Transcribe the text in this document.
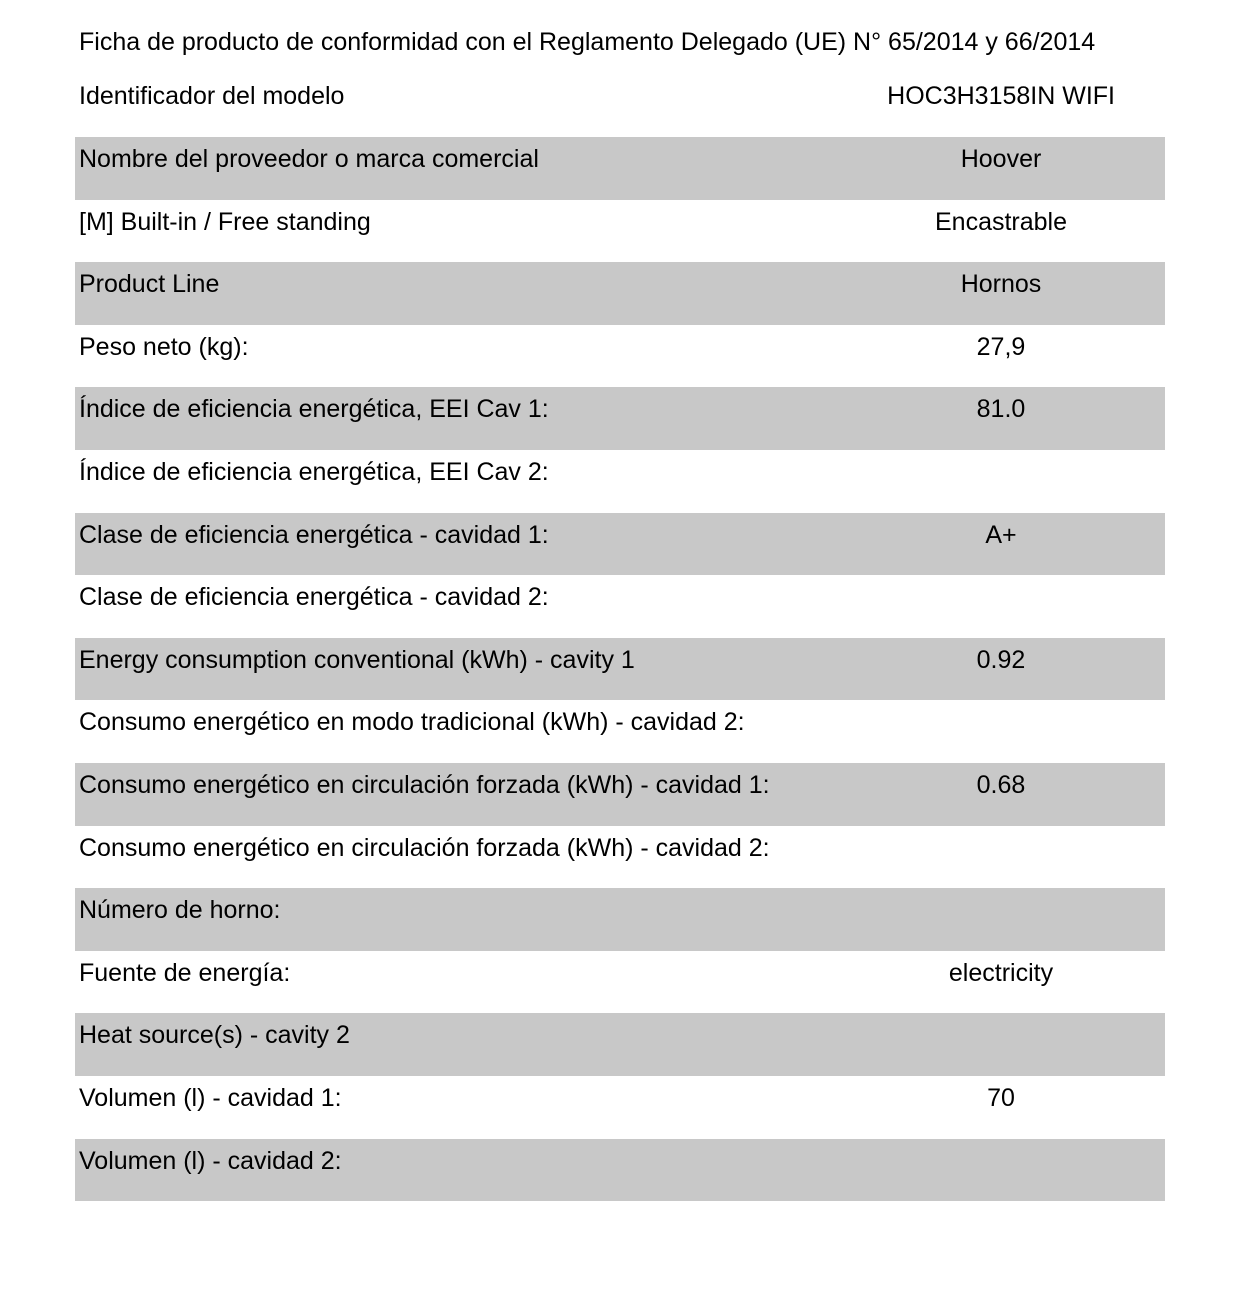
Ficha de producto de conformidad con el Reglamento Delegado (UE) N° 65/2014 y 66/2014
Identificador del modelo	HOC3H3158IN WIFI
Nombre del proveedor o marca comercial	Hoover
[M] Built-in / Free standing	Encastrable
Product Line	Hornos
Peso neto (kg):	27,9
Índice de eficiencia energética, EEI Cav 1:	81.0
Índice de eficiencia energética, EEI Cav 2:
Clase de eficiencia energética - cavidad 1:	A+
Clase de eficiencia energética - cavidad 2:
Energy consumption conventional (kWh) - cavity 1	0.92
Consumo energético en modo tradicional (kWh) - cavidad 2:
Consumo energético en circulación forzada (kWh) - cavidad 1:	0.68
Consumo energético en circulación forzada (kWh) - cavidad 2:
Número de horno:
Fuente de energía:	electricity
Heat source(s) - cavity 2
Volumen (l) - cavidad 1:	70
Volumen (l) - cavidad 2:
